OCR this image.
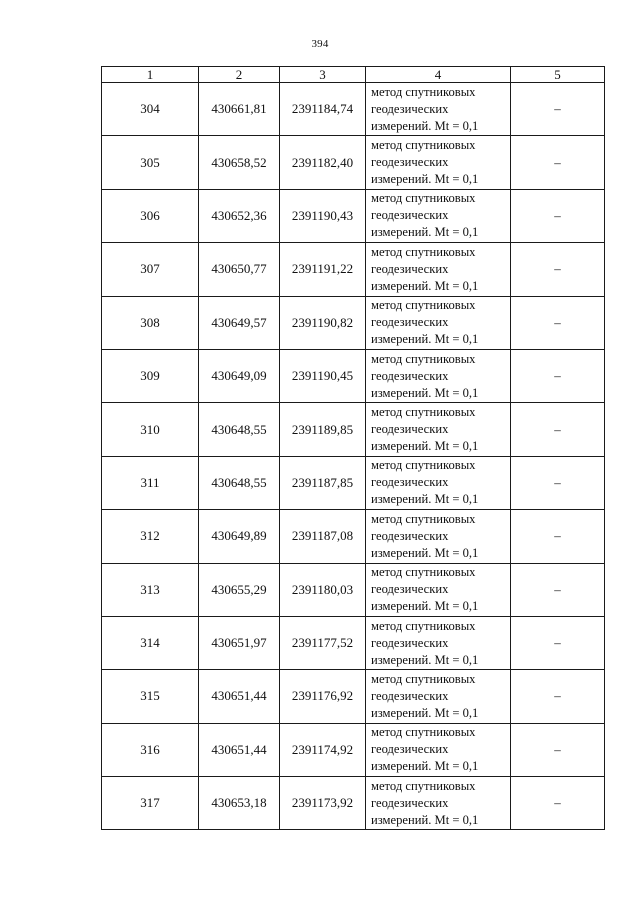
394
1	2	3	4	5
304	430661,81	2391184,74	метод спутниковых
геодезических
измерений. Mt = 0,1	–
305	430658,52	2391182,40	метод спутниковых
геодезических
измерений. Mt = 0,1	–
306	430652,36	2391190,43	метод спутниковых
геодезических
измерений. Mt = 0,1	–
307	430650,77	2391191,22	метод спутниковых
геодезических
измерений. Mt = 0,1	–
308	430649,57	2391190,82	метод спутниковых
геодезических
измерений. Mt = 0,1	–
309	430649,09	2391190,45	метод спутниковых
геодезических
измерений. Mt = 0,1	–
310	430648,55	2391189,85	метод спутниковых
геодезических
измерений. Mt = 0,1	–
311	430648,55	2391187,85	метод спутниковых
геодезических
измерений. Mt = 0,1	–
312	430649,89	2391187,08	метод спутниковых
геодезических
измерений. Mt = 0,1	–
313	430655,29	2391180,03	метод спутниковых
геодезических
измерений. Mt = 0,1	–
314	430651,97	2391177,52	метод спутниковых
геодезических
измерений. Mt = 0,1	–
315	430651,44	2391176,92	метод спутниковых
геодезических
измерений. Mt = 0,1	–
316	430651,44	2391174,92	метод спутниковых
геодезических
измерений. Mt = 0,1	–
317	430653,18	2391173,92	метод спутниковых
геодезических
измерений. Mt = 0,1	–
